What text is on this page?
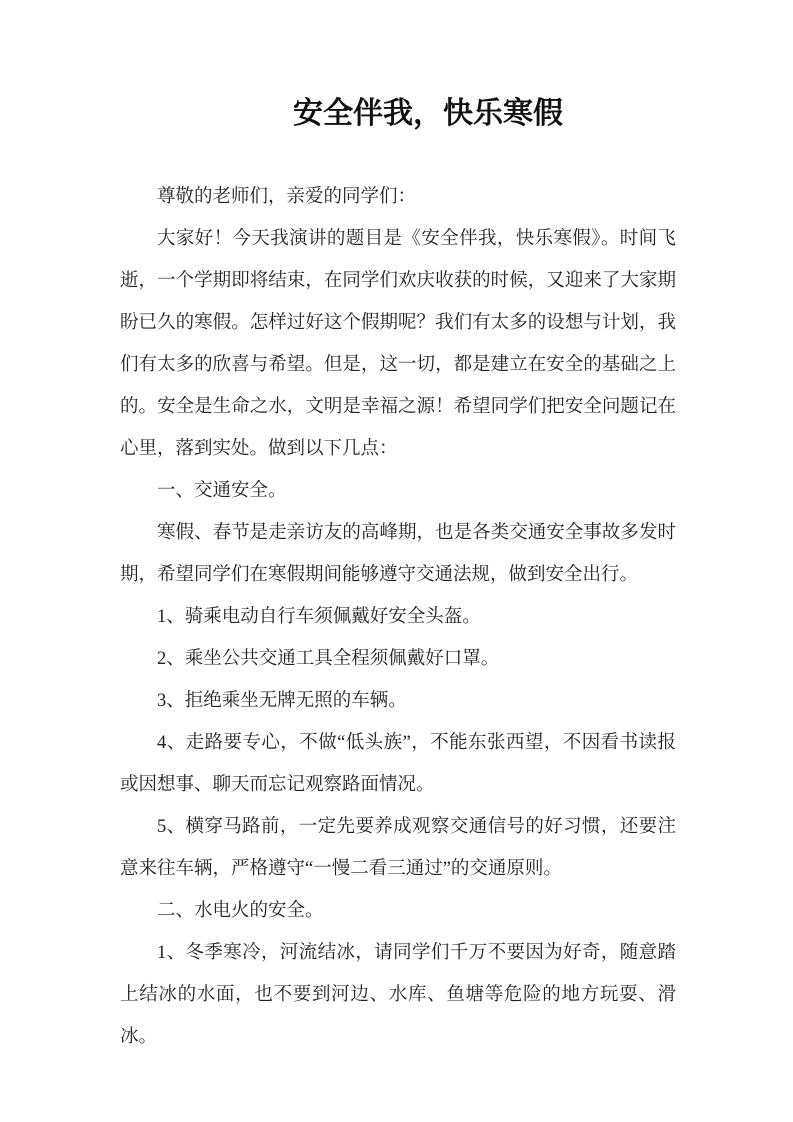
安全伴我，快乐寒假

尊敬的老师们，亲爱的同学们：

大家好！今天我演讲的题目是《安全伴我，快乐寒假》。时间飞逝，一个学期即将结束，在同学们欢庆收获的时候，又迎来了大家期盼已久的寒假。怎样过好这个假期呢？我们有太多的设想与计划，我们有太多的欣喜与希望。但是，这一切，都是建立在安全的基础之上的。安全是生命之水，文明是幸福之源！希望同学们把安全问题记在心里，落到实处。做到以下几点：

一、交通安全。

寒假、春节是走亲访友的高峰期，也是各类交通安全事故多发时期，希望同学们在寒假期间能够遵守交通法规，做到安全出行。

1、骑乘电动自行车须佩戴好安全头盔。

2、乘坐公共交通工具全程须佩戴好口罩。

3、拒绝乘坐无牌无照的车辆。

4、走路要专心，不做“低头族”，不能东张西望，不因看书读报或因想事、聊天而忘记观察路面情况。

5、横穿马路前，一定先要养成观察交通信号的好习惯，还要注意来往车辆，严格遵守“一慢二看三通过”的交通原则。

二、水电火的安全。

1、冬季寒冷，河流结冰，请同学们千万不要因为好奇，随意踏上结冰的水面，也不要到河边、水库、鱼塘等危险的地方玩耍、滑冰。
